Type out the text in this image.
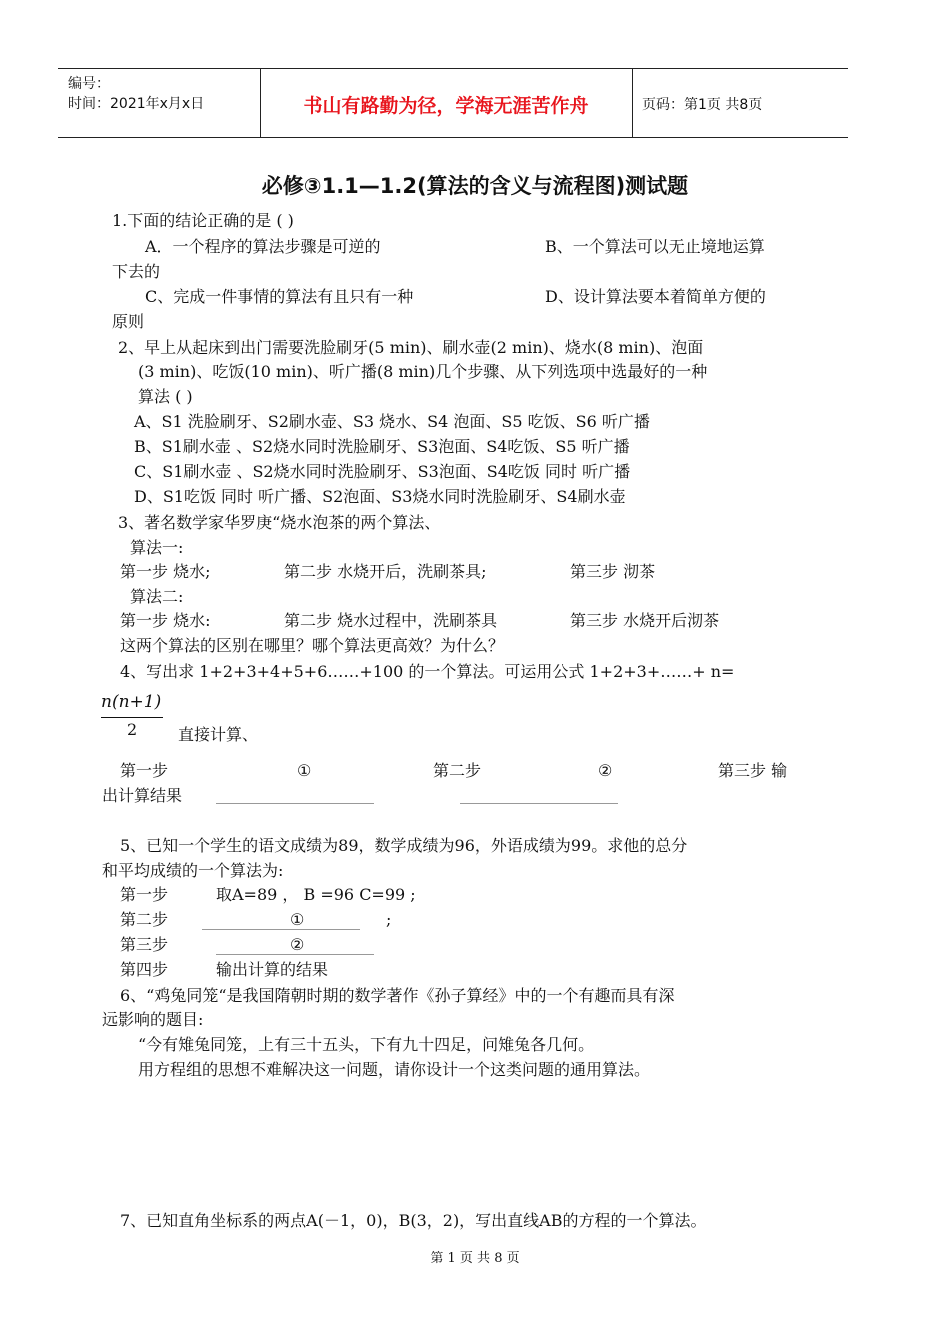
编号：
时间：2021年x月x日	书山有路勤为径，学海无涯苦作舟	页码：第1页 共8页
必修③1.1—1.2(算法的含义与流程图)测试题
1.下面的结论正确的是 ( )
A．一个程序的算法步骤是可逆的	B、一个算法可以无止境地运算
下去的
C、完成一件事情的算法有且只有一种	D、设计算法要本着简单方便的
原则
2、早上从起床到出门需要洗脸刷牙(5 min)、刷水壶(2 min)、烧水(8 min)、泡面
(3 min)、吃饭(10 min)、听广播(8 min)几个步骤、从下列选项中选最好的一种
算法 ( )
A、S1 洗脸刷牙、S2刷水壶、S3 烧水、S4 泡面、S5 吃饭、S6 听广播
B、S1刷水壶 、S2烧水同时洗脸刷牙、S3泡面、S4吃饭、S5 听广播
C、S1刷水壶 、S2烧水同时洗脸刷牙、S3泡面、S4吃饭 同时 听广播
D、S1吃饭 同时 听广播、S2泡面、S3烧水同时洗脸刷牙、S4刷水壶
3、著名数学家华罗庚“烧水泡茶的两个算法、
算法一:
第一步 烧水;	第二步 水烧开后，洗刷茶具;	第三步 沏茶
算法二:
第一步 烧水:	第二步 烧水过程中，洗刷茶具	第三步 水烧开后沏茶
这两个算法的区别在哪里？哪个算法更高效？为什么？
4、写出求 1+2+3+4+5+6……+100 的一个算法。可运用公式 1+2+3+……+ n=
n(n+1)
2	直接计算、
第一步	①	第二步	②	第三步 输
出计算结果
5、已知一个学生的语文成绩为89，数学成绩为96，外语成绩为99。求他的总分
和平均成绩的一个算法为:
第一步	取A=89 ， B =96 C=99 ;
第二步	①	;
第三步	②
第四步	输出计算的结果
6、“鸡兔同笼“是我国隋朝时期的数学著作《孙子算经》中的一个有趣而具有深
远影响的题目:
“今有雉兔同笼，上有三十五头，下有九十四足，问雉兔各几何。
用方程组的思想不难解决这一问题，请你设计一个这类问题的通用算法。
7、已知直角坐标系的两点A(－1，0)，B(3，2)，写出直线AB的方程的一个算法。
第 1 页 共 8 页
